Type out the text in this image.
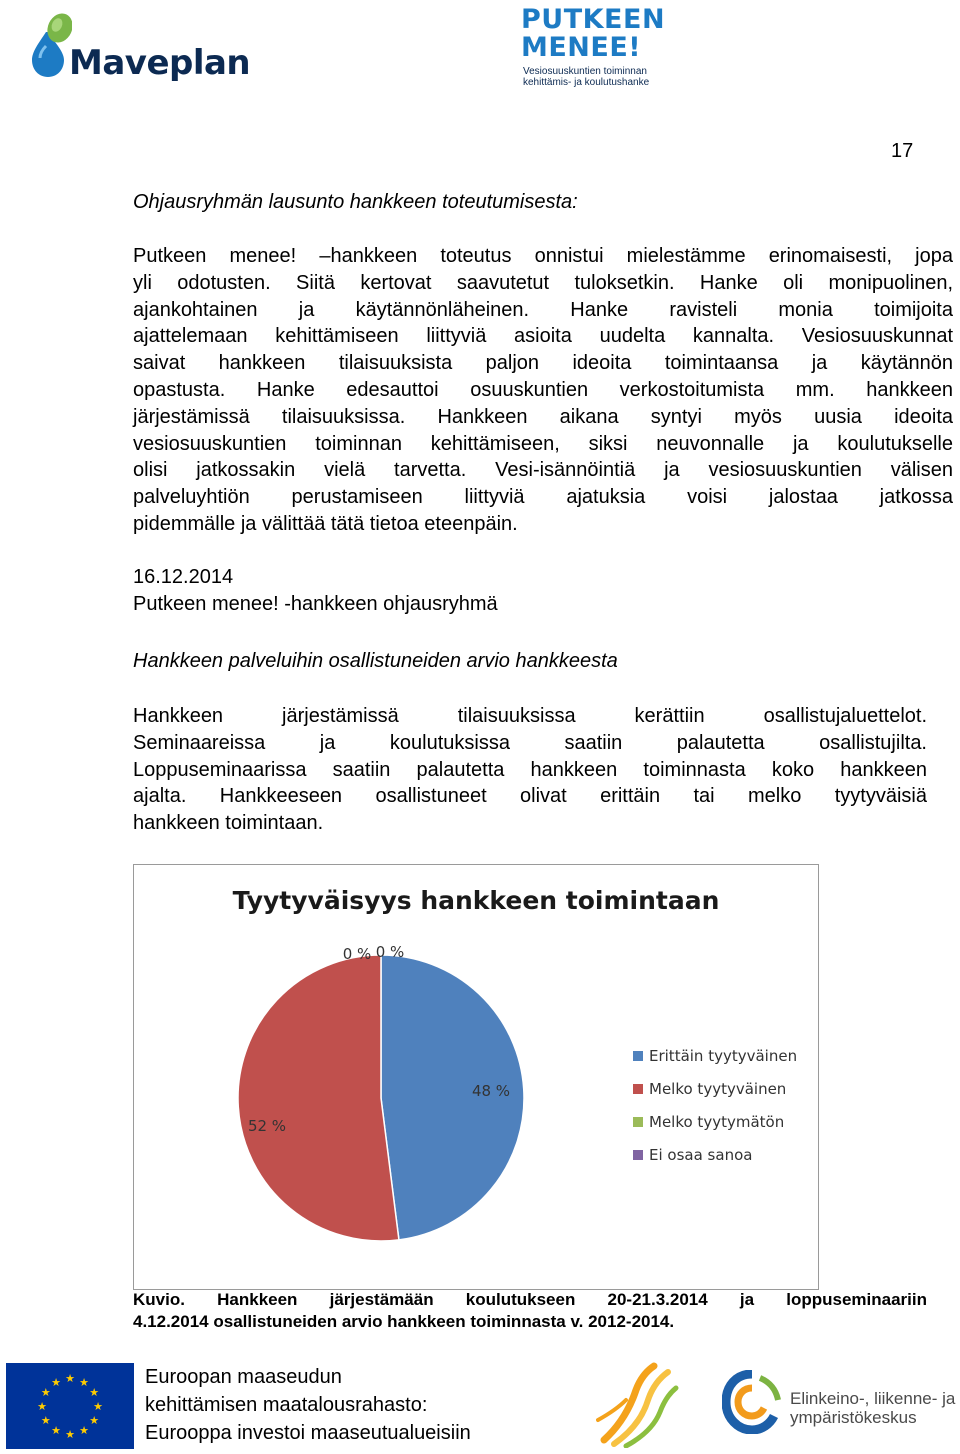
Maveplan
PUTKEEN
MENEE!
Vesiosuuskuntien toiminnan
kehittämis- ja koulutushanke
17
Ohjausryhmän lausunto hankkeen toteutumisesta:
Putkeen menee! –hankkeen toteutus onnistui mielestämme erinomaisesti, jopa
yli odotusten. Siitä kertovat saavutetut tuloksetkin. Hanke oli monipuolinen,
ajankohtainen ja käytännönläheinen. Hanke ravisteli monia toimijoita
ajattelemaan kehittämiseen liittyviä asioita uudelta kannalta. Vesiosuuskunnat
saivat hankkeen tilaisuuksista paljon ideoita toimintaansa ja käytännön
opastusta. Hanke edesauttoi osuuskuntien verkostoitumista mm. hankkeen
järjestämissä tilaisuuksissa. Hankkeen aikana syntyi myös uusia ideoita
vesiosuuskuntien toiminnan kehittämiseen, siksi neuvonnalle ja koulutukselle
olisi jatkossakin vielä tarvetta. Vesi-isännöintiä ja vesiosuuskuntien välisen
palveluyhtiön perustamiseen liittyviä ajatuksia voisi jalostaa jatkossa
pidemmälle ja välittää tätä tietoa eteenpäin.
16.12.2014
Putkeen menee! -hankkeen ohjausryhmä
Hankkeen palveluihin osallistuneiden arvio hankkeesta
Hankkeen järjestämissä tilaisuuksissa kerättiin osallistujaluettelot.
Seminaareissa ja koulutuksissa saatiin palautetta osallistujilta.
Loppuseminaarissa saatiin palautetta hankkeen toiminnasta koko hankkeen
ajalta. Hankkeeseen osallistuneet olivat erittäin tai melko tyytyväisiä
hankkeen toimintaan.
Tyytyväisyys hankkeen toimintaan
48 %
52 %
0 % 0 %
Erittäin tyytyväinen
Melko tyytyväinen
Melko tyytymätön
Ei osaa sanoa
Kuvio. Hankkeen järjestämään koulutukseen 20-21.3.2014 ja loppuseminaariin
4.12.2014 osallistuneiden arvio hankkeen toiminnasta v. 2012-2014.
★ ★
★
★
★
★
★
★
★
★
★
★	Euroopan maaseudun
kehittämisen maatalousrahasto:
Eurooppa investoi maaseutualueisiin
Elinkeino-, liikenne- ja
ympäristökeskus
